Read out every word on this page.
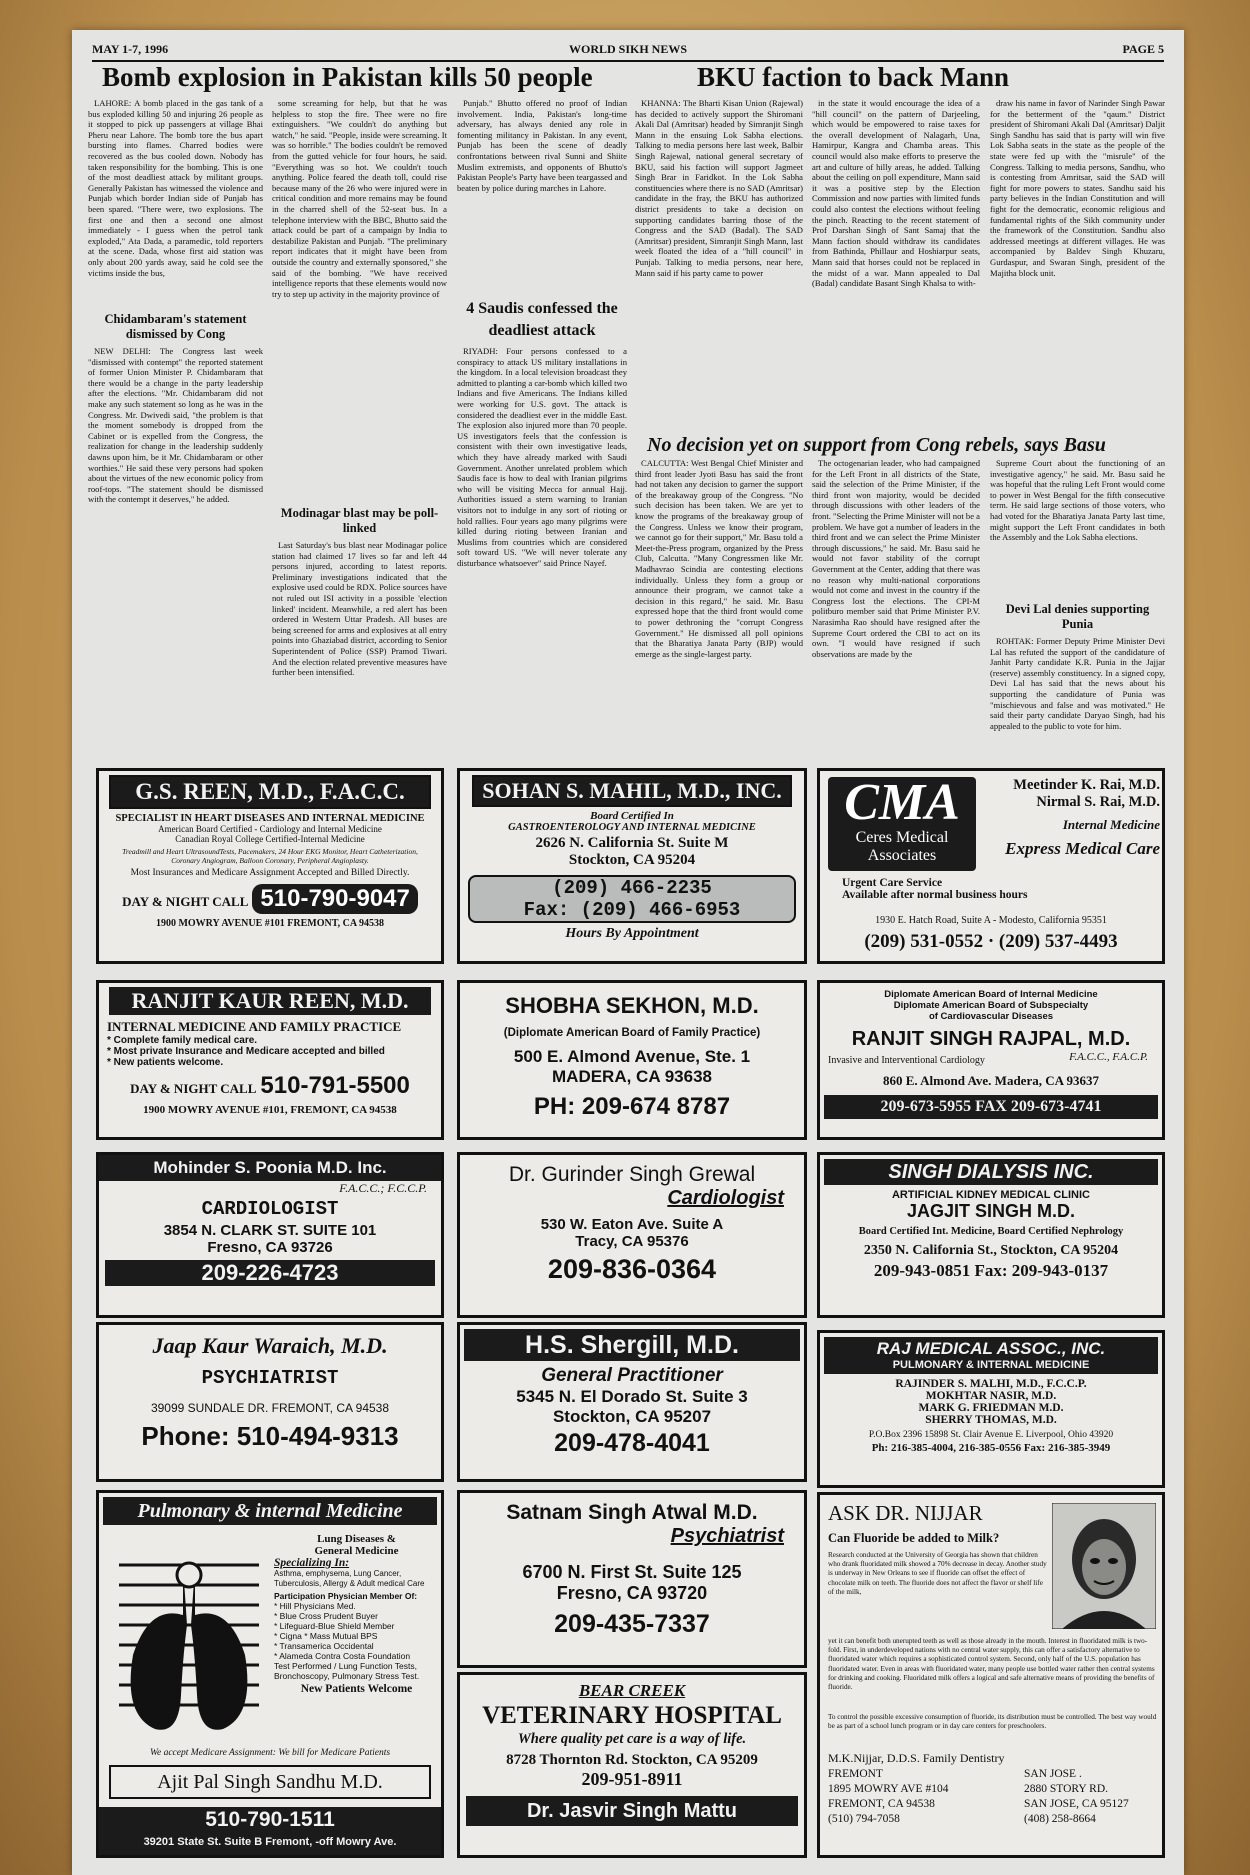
MAY 1-7, 1996	WORLD SIKH NEWS	PAGE 5
Bomb explosion in Pakistan kills 50 people	BKU faction to back Mann

LAHORE: A bomb placed in the gas tank of a bus exploded killing 50 and injuring 26 people as it stopped to pick up passengers at village Bhai Pheru near Lahore. The bomb tore the bus apart bursting into flames. Charred bodies were recovered as the bus cooled down. Nobody has taken responsibility for the bombing. This is one of the most deadliest attack by militant groups. Generally Pakistan has witnessed the violence and Punjab which border Indian side of Punjab has been spared. "There were, two explosions. The first one and then a second one almost immediately - I guess when the petrol tank exploded," Ata Dada, a paramedic, told reporters at the scene. Dada, whose first aid station was only about 200 yards away, said he cold see the victims inside the bus,

Chidambaram's statement dismissed by Cong

NEW DELHI: The Congress last week "dismissed with contempt" the reported statement of former Union Minister P. Chidambaram that there would be a change in the party leadership after the elections. "Mr. Chidambaram did not make any such statement so long as he was in the Congress. Mr. Dwivedi said, "the problem is that the moment somebody is dropped from the Cabinet or is expelled from the Congress, the realization for change in the leadership suddenly dawns upon him, be it Mr. Chidambaram or other worthies." He said these very persons had spoken about the virtues of the new economic policy from roof-tops. "The statement should be dismissed with the contempt it deserves," he added.

some screaming for help, but that he was helpless to stop the fire. Thee were no fire extinguishers. "We couldn't do anything but watch," he said. "People, inside were screaming. It was so horrible." The bodies couldn't be removed from the gutted vehicle for four hours, he said. "Everything was so hot. We couldn't touch anything. Police feared the death toll, could rise because many of the 26 who were injured were in critical condition and more remains may be found in the charred shell of the 52-seat bus. In a telephone interview with the BBC, Bhutto said the attack could be part of a campaign by India to destabilize Pakistan and Punjab. "The preliminary report indicates that it might have been from outside the country and externally sponsored," she said of the bombing. "We have received intelligence reports that these elements would now try to step up activity in the majority province of

Modinagar blast may be poll-linked

Last Saturday's bus blast near Modinagar police station had claimed 17 lives so far and left 44 persons injured, according to latest reports. Preliminary investigations indicated that the explosive used could be RDX. Police sources have not ruled out ISI activity in a possible 'election linked' incident. Meanwhile, a red alert has been ordered in Western Uttar Pradesh. All buses are being screened for arms and explosives at all entry points into Ghaziabad district, according to Senior Superintendent of Police (SSP) Pramod Tiwari. And the election related preventive measures have further been intensified.

Punjab." Bhutto offered no proof of Indian involvement. India, Pakistan's long-time adversary, has always denied any role in fomenting militancy in Pakistan. In any event, Punjab has been the scene of deadly confrontations between rival Sunni and Shiite Muslim extremists, and opponents of Bhutto's Pakistan People's Party have been teargassed and beaten by police during marches in Lahore.

4 Saudis confessed the deadliest attack

RIYADH: Four persons confessed to a conspiracy to attack US military installations in the kingdom. In a local television broadcast they admitted to planting a car-bomb which killed two Indians and five Americans. The Indians killed were working for U.S. govt. The attack is considered the deadliest ever in the middle East. The explosion also injured more than 70 people. US investigators feels that the confession is consistent with their own investigative leads, which they have already marked with Saudi Government. Another unrelated problem which Saudis face is how to deal with Iranian pilgrims who will be visiting Mecca for annual Hajj. Authorities issued a stern warning to Iranian visitors not to indulge in any sort of rioting or hold rallies. Four years ago many pilgrims were killed during rioting between Iranian and Muslims from countries which are considered soft toward US. "We will never tolerate any disturbance whatsoever" said Prince Nayef.

KHANNA: The Bharti Kisan Union (Rajewal) has decided to actively support the Shiromani Akali Dal (Amritsar) headed by Simranjit Singh Mann in the ensuing Lok Sabha elections. Talking to media persons here last week, Balbir Singh Rajewal, national general secretary of BKU, said his faction will support Jagmeet Singh Brar in Faridkot. In the Lok Sabha constituencies where there is no SAD (Amritsar) candidate in the fray, the BKU has authorized district presidents to take a decision on supporting candidates barring those of the Congress and the SAD (Badal). The SAD (Amritsar) president, Simranjit Singh Mann, last week floated the idea of a "hill council" in Punjab. Talking to media persons, near here, Mann said if his party came to power

in the state it would encourage the idea of a "hill council" on the pattern of Darjeeling, which would be empowered to raise taxes for the overall development of Nalagarh, Una, Hamirpur, Kangra and Chamba areas. This council would also make efforts to preserve the art and culture of hilly areas, he added. Talking about the ceiling on poll expenditure, Mann said it was a positive step by the Election Commission and now parties with limited funds could also contest the elections without feeling the pinch. Reacting to the recent statement of Prof Darshan Singh of Sant Samaj that the Mann faction should withdraw its candidates from Bathinda, Phillaur and Hoshiarpur seats, Mann said that horses could not be replaced in the midst of a war. Mann appealed to Dal (Badal) candidate Basant Singh Khalsa to with-

draw his name in favor of Narinder Singh Pawar for the betterment of the "qaum." District president of Shiromani Akali Dal (Amritsar) Daljit Singh Sandhu has said that is party will win five Lok Sabha seats in the state as the people of the state were fed up with the "misrule" of the Congress. Talking to media persons, Sandhu, who is contesting from Amritsar, said the SAD will fight for more powers to states. Sandhu said his party believes in the Indian Constitution and will fight for the democratic, economic religious and fundamental rights of the Sikh community under the framework of the Constitution. Sandhu also addressed meetings at different villages. He was accompanied by Baldev Singh Khuzaru, Gurdaspur, and Swaran Singh, president of the Majitha block unit.

No decision yet on support from Cong rebels, says Basu

CALCUTTA: West Bengal Chief Minister and third front leader Jyoti Basu has said the front had not taken any decision to garner the support of the breakaway group of the Congress. "No such decision has been taken. We are yet to know the programs of the breakaway group of the Congress. Unless we know their program, we cannot go for their support," Mr. Basu told a Meet-the-Press program, organized by the Press Club, Calcutta. "Many Congressmen like Mr. Madhavrao Scindia are contesting elections individually. Unless they form a group or announce their program, we cannot take a decision in this regard," he said. Mr. Basu expressed hope that the third front would come to power dethroning the "corrupt Congress Government." He dismissed all poll opinions that the Bharatiya Janata Party (BJP) would emerge as the single-largest party.

The octogenarian leader, who had campaigned for the Left Front in all districts of the State, said the selection of the Prime Minister, if the third front won majority, would be decided through discussions with other leaders of the front. "Selecting the Prime Minister will not be a problem. We have got a number of leaders in the third front and we can select the Prime Minister through discussions," he said. Mr. Basu said he would not favor stability of the corrupt Government at the Center, adding that there was no reason why multi-national corporations would not come and invest in the country if the Congress lost the elections. The CPI-M politburo member said that Prime Minister P.V. Narasimha Rao should have resigned after the Supreme Court ordered the CBI to act on its own. "I would have resigned if such observations are made by the

Supreme Court about the functioning of an investigative agency," he said. Mr. Basu said he was hopeful that the ruling Left Front would come to power in West Bengal for the fifth consecutive term. He said large sections of those voters, who had voted for the Bharatiya Janata Party last time, might support the Left Front candidates in both the Assembly and the Lok Sabha elections.

Devi Lal denies supporting Punia

ROHTAK: Former Deputy Prime Minister Devi Lal has refuted the support of the candidature of Janhit Party candidate K.R. Punia in the Jajjar (reserve) assembly constituency. In a signed copy, Devi Lal has said that the news about his supporting the candidature of Punia was "mischievous and false and was motivated." He said their party candidate Daryao Singh, had his appealed to the public to vote for him.

G.S. REEN, M.D., F.A.C.C.
SPECIALIST IN HEART DISEASES AND INTERNAL MEDICINE
American Board Certified - Cardiology and Internal Medicine
Canadian Royal College Certified-Internal Medicine
Treadmill and Heart UltrasoundTests, Pacemakers, 24 Hour EKG Monitor, Heart Catheterization, Coronary Angiogram, Balloon Coronary, Peripheral Angioplasty.
Most Insurances and Medicare Assignment Accepted and Billed Directly.
DAY & NIGHT CALL 510-790-9047
1900 MOWRY AVENUE #101 FREMONT, CA 94538
SOHAN S. MAHIL, M.D., INC.
Board Certified In
GASTROENTEROLOGY AND INTERNAL MEDICINE
2626 N. California St. Suite M
Stockton, CA 95204
(209) 466-2235
Fax: (209) 466-6953
Hours By Appointment
CMA
Ceres Medical
Associates
Meetinder K. Rai, M.D.
Nirmal S. Rai, M.D.
Internal Medicine
Express Medical Care
Urgent Care Service
Available after normal business hours
1930 E. Hatch Road, Suite A - Modesto, California 95351
(209) 531-0552 · (209) 537-4493
RANJIT KAUR REEN, M.D.
INTERNAL MEDICINE AND FAMILY PRACTICE
* Complete family medical care.
* Most private Insurance and Medicare accepted and billed
* New patients welcome.
DAY & NIGHT CALL 510-791-5500
1900 MOWRY AVENUE #101, FREMONT, CA 94538
SHOBHA SEKHON, M.D.
(Diplomate American Board of Family Practice)
500 E. Almond Avenue, Ste. 1
MADERA, CA 93638
PH: 209-674 8787
Diplomate American Board of Internal Medicine
Diplomate American Board of Subspecialty
of Cardiovascular Diseases
RANJIT SINGH RAJPAL, M.D.
Invasive and Interventional Cardiology	F.A.C.C., F.A.C.P.
860 E. Almond Ave. Madera, CA 93637
209-673-5955 FAX 209-673-4741
Mohinder S. Poonia M.D. Inc.
F.A.C.C.; F.C.C.P.
CARDIOLOGIST
3854 N. CLARK ST. SUITE 101
Fresno, CA 93726
209-226-4723
Dr. Gurinder Singh Grewal
Cardiologist
530 W. Eaton Ave. Suite A
Tracy, CA 95376
209-836-0364
SINGH DIALYSIS INC.
ARTIFICIAL KIDNEY MEDICAL CLINIC
JAGJIT SINGH M.D.
Board Certified Int. Medicine, Board Certified Nephrology
2350 N. California St., Stockton, CA 95204
209-943-0851 Fax: 209-943-0137
Jaap Kaur Waraich, M.D.
PSYCHIATRIST
39099 SUNDALE DR. FREMONT, CA 94538
Phone: 510-494-9313
H.S. Shergill, M.D.
General Practitioner
5345 N. El Dorado St. Suite 3
Stockton, CA 95207
209-478-4041
RAJ MEDICAL ASSOC., INC.
PULMONARY & INTERNAL MEDICINE
RAJINDER S. MALHI, M.D., F.C.C.P.
MOKHTAR NASIR, M.D.
MARK G. FRIEDMAN M.D.
SHERRY THOMAS, M.D.
P.O.Box 2396 15898 St. Clair Avenue E. Liverpool, Ohio 43920
Ph: 216-385-4004, 216-385-0556 Fax: 216-385-3949
Pulmonary & internal Medicine
Lung Diseases &
General Medicine
Specializing In:
Asthma, emphysema, Lung Cancer, Tuberculosis, Allergy & Adult medical Care
Participation Physician Member Of:
* Hill Physicians Med.
* Blue Cross Prudent Buyer
* Lifeguard-Blue Shield Member
* Cigna * Mass Mutual BPS
* Transamerica Occidental
* Alameda Contra Costa Foundation
Test Performed / Lung Function Tests, Bronchoscopy, Pulmonary Stress Test.
New Patients Welcome
We accept Medicare Assignment: We bill for Medicare Patients
Ajit Pal Singh Sandhu M.D.
510-790-1511
39201 State St. Suite B Fremont, -off Mowry Ave.
Satnam Singh Atwal M.D.
Psychiatrist
6700 N. First St. Suite 125
Fresno, CA 93720
209-435-7337
BEAR CREEK
VETERINARY HOSPITAL
Where quality pet care is a way of life.
8728 Thornton Rd. Stockton, CA 95209
209-951-8911
Dr. Jasvir Singh Mattu
ASK DR. NIJJAR
Can Fluoride be added to Milk?
Research conducted at the University of Georgia has shown that children who drank fluoridated milk showed a 70% decrease in decay. Another study is underway in New Orleans to see if fluoride can offset the effect of chocolate milk on teeth. The fluoride does not affect the flavor or shelf life of the milk,
yet it can benefit both unerupted teeth as well as those already in the mouth. Interest in fluoridated milk is two-fold. First, in underdeveloped nations with no central water supply, this can offer a satisfactory alternative to fluoridated water which requires a sophisticated control system. Second, only half of the U.S. population has fluoridated water. Even in areas with fluoridated water, many people use bottled water rather then central systems for drinking and cooking. Fluoridated milk offers a logical and safe alternative means of providing the benefits of fluoride.
To control the possible excessive consumption of fluoride, its distribution must be controlled. The best way would be as part of a school lunch program or in day care centers for preschoolers.
M.K.Nijjar, D.D.S. Family Dentistry
FREMONT
1895 MOWRY AVE #104
FREMONT, CA 94538
(510) 794-7058
SAN JOSE .
2880 STORY RD.
SAN JOSE, CA 95127
(408) 258-8664
